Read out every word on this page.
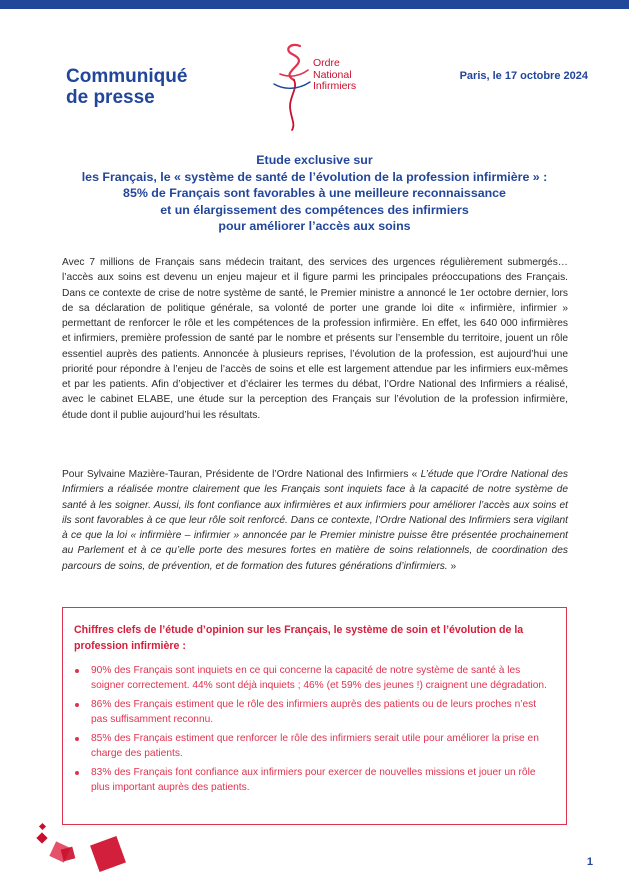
Communiqué
de presse
Ordre
National
Infirmiers
Paris, le 17 octobre 2024
Etude exclusive sur
les Français, le « système de santé de l’évolution de la profession infirmière » :
85% de Français sont favorables à une meilleure reconnaissance
et un élargissement des compétences des infirmiers
pour améliorer l’accès aux soins

Avec 7 millions de Français sans médecin traitant, des services des urgences régulièrement submergés…l’accès aux soins est devenu un enjeu majeur et il figure parmi les principales préoccupations des Français. Dans ce contexte de crise de notre système de santé, le Premier ministre a annoncé le 1er octobre dernier, lors de sa déclaration de politique générale, sa volonté de porter une grande loi dite « infirmière, infirmier » permettant de renforcer le rôle et les compétences de la profession infirmière. En effet, les 640 000 infirmières et infirmiers, première profession de santé par le nombre et présents sur l’ensemble du territoire, jouent un rôle essentiel auprès des patients. Annoncée à plusieurs reprises, l’évolution de la profession, est aujourd’hui une priorité pour répondre à l’enjeu de l’accès de soins et elle est largement attendue par les infirmiers eux-mêmes et par les patients. Afin d’objectiver et d’éclairer les termes du débat, l’Ordre National des Infirmiers a réalisé, avec le cabinet ELABE, une étude sur la perception des Français sur l’évolution de la profession infirmière, étude dont il publie aujourd’hui les résultats.

Pour Sylvaine Mazière-Tauran, Présidente de l’Ordre National des Infirmiers « L’étude que l’Ordre National des Infirmiers a réalisée montre clairement que les Français sont inquiets face à la capacité de notre système de santé à les soigner. Aussi, ils font confiance aux infirmières et aux infirmiers pour améliorer l’accès aux soins et ils sont favorables à ce que leur rôle soit renforcé. Dans ce contexte, l’Ordre National des Infirmiers sera vigilant à ce que la loi « infirmière – infirmier » annoncée par le Premier ministre puisse être présentée prochainement au Parlement et à ce qu’elle porte des mesures fortes en matière de soins relationnels, de coordination des parcours de soins, de prévention, et de formation des futures générations d’infirmiers. »

Chiffres clefs de l’étude d’opinion sur les Français, le système de soin et l’évolution de la profession infirmière :
90% des Français sont inquiets en ce qui concerne la capacité de notre système de santé à les soigner correctement. 44% sont déjà inquiets ; 46% (et 59% des jeunes !) craignent une dégradation.
86% des Français estiment que le rôle des infirmiers auprès des patients ou de leurs proches n’est pas suffisamment reconnu.
85% des Français estiment que renforcer le rôle des infirmiers serait utile pour améliorer la prise en charge des patients.
83% des Français font confiance aux infirmiers pour exercer de nouvelles missions et jouer un rôle plus important auprès des patients.
1
